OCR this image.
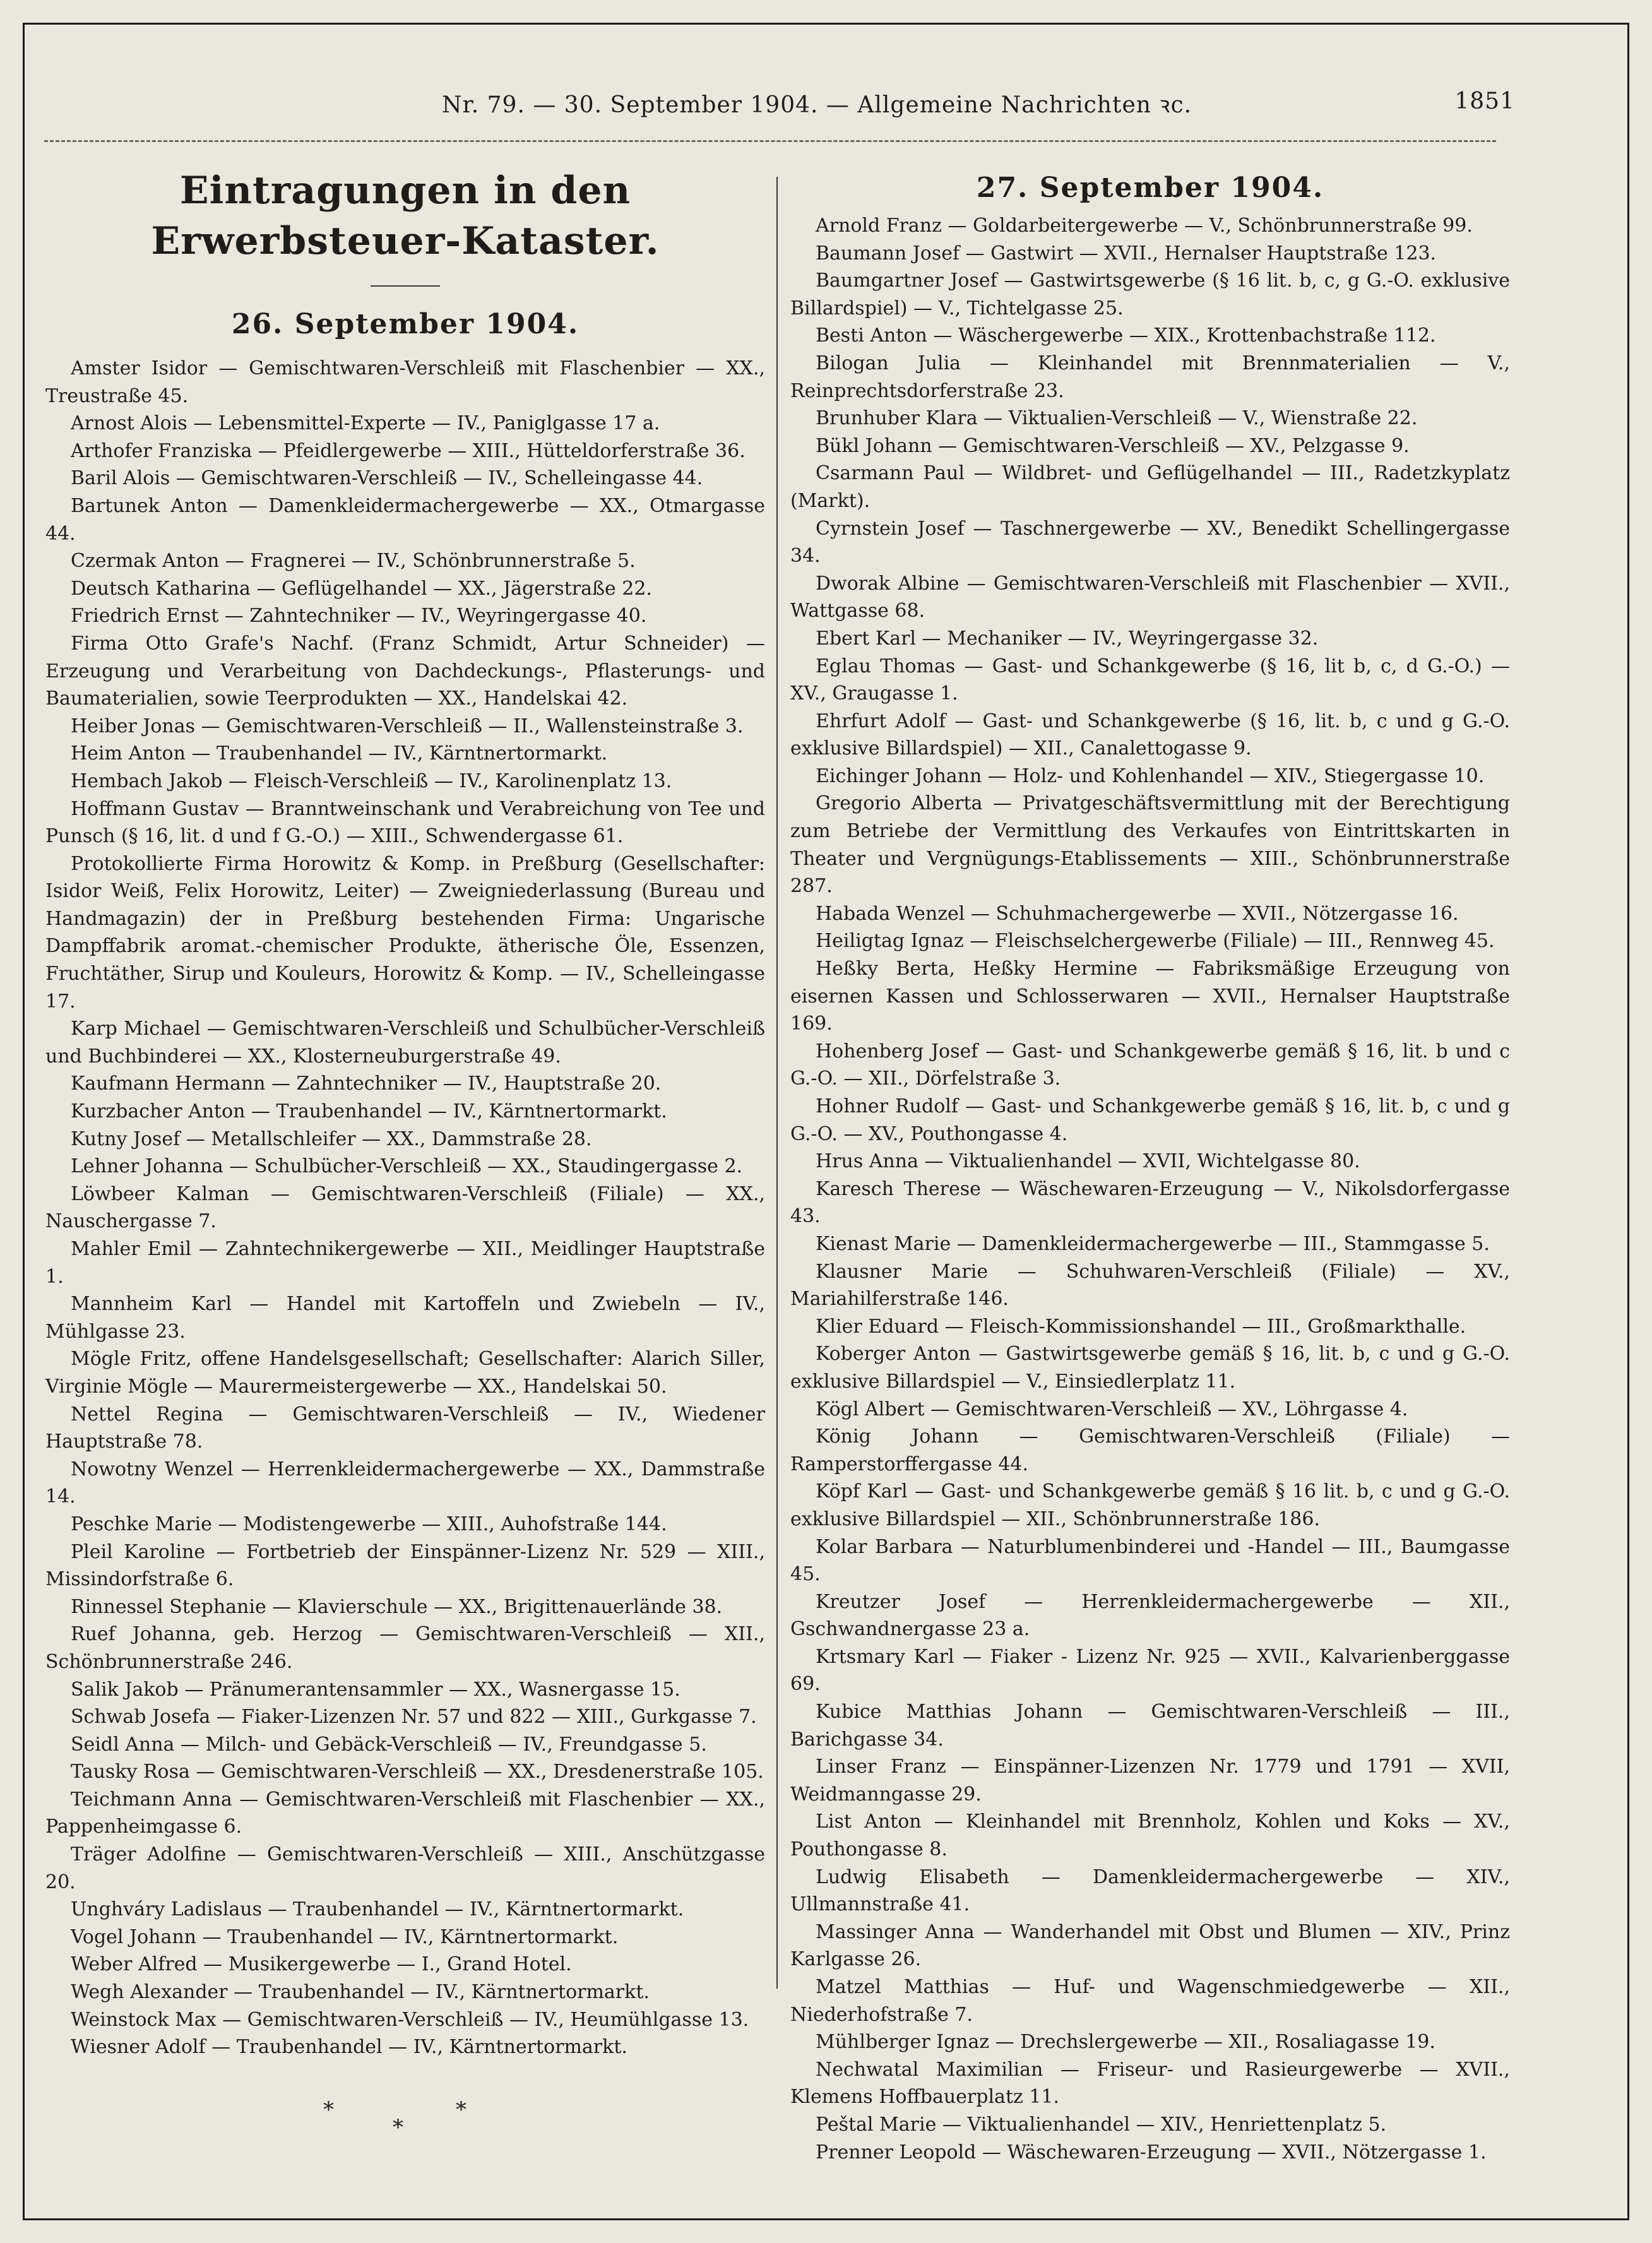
Nr. 79. — 30. September 1904. — Allgemeine Nachrichten ꝛc.	1851
Eintragungen in den Erwerbsteuer-Kataster.
26. September 1904.

Amster Isidor — Gemischtwaren-Verschleiß mit Flaschenbier — XX., Treustraße 45.

Arnost Alois — Lebensmittel-Experte — IV., Paniglgasse 17 a.

Arthofer Franziska — Pfeidlergewerbe — XIII., Hütteldorferstraße 36.

Baril Alois — Gemischtwaren-Verschleiß — IV., Schelleingasse 44.

Bartunek Anton — Damenkleidermachergewerbe — XX., Otmargasse 44.

Czermak Anton — Fragnerei — IV., Schönbrunnerstraße 5.

Deutsch Katharina — Geflügelhandel — XX., Jägerstraße 22.

Friedrich Ernst — Zahntechniker — IV., Weyringergasse 40.

Firma Otto Grafe's Nachf. (Franz Schmidt, Artur Schneider) — Erzeugung und Verarbeitung von Dachdeckungs-, Pflasterungs- und Baumaterialien, sowie Teerprodukten — XX., Handelskai 42.

Heiber Jonas — Gemischtwaren-Verschleiß — II., Wallensteinstraße 3.

Heim Anton — Traubenhandel — IV., Kärntnertormarkt.

Hembach Jakob — Fleisch-Verschleiß — IV., Karolinenplatz 13.

Hoffmann Gustav — Branntweinschank und Verabreichung von Tee und Punsch (§ 16, lit. d und f G.-O.) — XIII., Schwendergasse 61.

Protokollierte Firma Horowitz & Komp. in Preßburg (Gesellschafter: Isidor Weiß, Felix Horowitz, Leiter) — Zweigniederlassung (Bureau und Handmagazin) der in Preßburg bestehenden Firma: Ungarische Dampffabrik aromat.-chemischer Produkte, ätherische Öle, Essenzen, Fruchtäther, Sirup und Kouleurs, Horowitz & Komp. — IV., Schelleingasse 17.

Karp Michael — Gemischtwaren-Verschleiß und Schulbücher-Verschleiß und Buchbinderei — XX., Klosterneuburgerstraße 49.

Kaufmann Hermann — Zahntechniker — IV., Hauptstraße 20.

Kurzbacher Anton — Traubenhandel — IV., Kärntnertormarkt.

Kutny Josef — Metallschleifer — XX., Dammstraße 28.

Lehner Johanna — Schulbücher-Verschleiß — XX., Staudingergasse 2.

Löwbeer Kalman — Gemischtwaren-Verschleiß (Filiale) — XX., Nauschergasse 7.

Mahler Emil — Zahntechnikergewerbe — XII., Meidlinger Hauptstraße 1.

Mannheim Karl — Handel mit Kartoffeln und Zwiebeln — IV., Mühlgasse 23.

Mögle Fritz, offene Handelsgesellschaft; Gesellschafter: Alarich Siller, Virginie Mögle — Maurermeistergewerbe — XX., Handelskai 50.

Nettel Regina — Gemischtwaren-Verschleiß — IV., Wiedener Hauptstraße 78.

Nowotny Wenzel — Herrenkleidermachergewerbe — XX., Dammstraße 14.

Peschke Marie — Modistengewerbe — XIII., Auhofstraße 144.

Pleil Karoline — Fortbetrieb der Einspänner-Lizenz Nr. 529 — XIII., Missindorfstraße 6.

Rinnessel Stephanie — Klavierschule — XX., Brigittenauerlände 38.

Ruef Johanna, geb. Herzog — Gemischtwaren-Verschleiß — XII., Schönbrunnerstraße 246.

Salik Jakob — Pränumerantensammler — XX., Wasnergasse 15.

Schwab Josefa — Fiaker-Lizenzen Nr. 57 und 822 — XIII., Gurkgasse 7.

Seidl Anna — Milch- und Gebäck-Verschleiß — IV., Freundgasse 5.

Tausky Rosa — Gemischtwaren-Verschleiß — XX., Dresdenerstraße 105.

Teichmann Anna — Gemischtwaren-Verschleiß mit Flaschenbier — XX., Pappenheimgasse 6.

Träger Adolfine — Gemischtwaren-Verschleiß — XIII., Anschützgasse 20.

Unghváry Ladislaus — Traubenhandel — IV., Kärntnertormarkt.

Vogel Johann — Traubenhandel — IV., Kärntnertormarkt.

Weber Alfred — Musikergewerbe — I., Grand Hotel.

Wegh Alexander — Traubenhandel — IV., Kärntnertormarkt.

Weinstock Max — Gemischtwaren-Verschleiß — IV., Heumühlgasse 13.

Wiesner Adolf — Traubenhandel — IV., Kärntnertormarkt.

*
*
*
27. September 1904.

Arnold Franz — Goldarbeitergewerbe — V., Schönbrunnerstraße 99.

Baumann Josef — Gastwirt — XVII., Hernalser Hauptstraße 123.

Baumgartner Josef — Gastwirtsgewerbe (§ 16 lit. b, c, g G.-O. exklusive Billardspiel) — V., Tichtelgasse 25.

Besti Anton — Wäschergewerbe — XIX., Krottenbachstraße 112.

Bilogan Julia — Kleinhandel mit Brennmaterialien — V., Reinprechtsdorferstraße 23.

Brunhuber Klara — Viktualien-Verschleiß — V., Wienstraße 22.

Bükl Johann — Gemischtwaren-Verschleiß — XV., Pelzgasse 9.

Csarmann Paul — Wildbret- und Geflügelhandel — III., Radetzkyplatz (Markt).

Cyrnstein Josef — Taschnergewerbe — XV., Benedikt Schellingergasse 34.

Dworak Albine — Gemischtwaren-Verschleiß mit Flaschenbier — XVII., Wattgasse 68.

Ebert Karl — Mechaniker — IV., Weyringergasse 32.

Eglau Thomas — Gast- und Schankgewerbe (§ 16, lit b, c, d G.-O.) — XV., Graugasse 1.

Ehrfurt Adolf — Gast- und Schankgewerbe (§ 16, lit. b, c und g G.-O. exklusive Billardspiel) — XII., Canalettogasse 9.

Eichinger Johann — Holz- und Kohlenhandel — XIV., Stiegergasse 10.

Gregorio Alberta — Privatgeschäftsvermittlung mit der Berechtigung zum Betriebe der Vermittlung des Verkaufes von Eintrittskarten in Theater und Vergnügungs-Etablissements — XIII., Schönbrunnerstraße 287.

Habada Wenzel — Schuhmachergewerbe — XVII., Nötzergasse 16.

Heiligtag Ignaz — Fleischselchergewerbe (Filiale) — III., Rennweg 45.

Heßky Berta, Heßky Hermine — Fabriksmäßige Erzeugung von eisernen Kassen und Schlosserwaren — XVII., Hernalser Hauptstraße 169.

Hohenberg Josef — Gast- und Schankgewerbe gemäß § 16, lit. b und c G.-O. — XII., Dörfelstraße 3.

Hohner Rudolf — Gast- und Schankgewerbe gemäß § 16, lit. b, c und g G.-O. — XV., Pouthongasse 4.

Hrus Anna — Viktualienhandel — XVII, Wichtelgasse 80.

Karesch Therese — Wäschewaren-Erzeugung — V., Nikolsdorfergasse 43.

Kienast Marie — Damenkleidermachergewerbe — III., Stammgasse 5.

Klausner Marie — Schuhwaren-Verschleiß (Filiale) — XV., Mariahilferstraße 146.

Klier Eduard — Fleisch-Kommissionshandel — III., Großmarkthalle.

Koberger Anton — Gastwirtsgewerbe gemäß § 16, lit. b, c und g G.-O. exklusive Billardspiel — V., Einsiedlerplatz 11.

Kögl Albert — Gemischtwaren-Verschleiß — XV., Löhrgasse 4.

König Johann — Gemischtwaren-Verschleiß (Filiale) — Ramperstorffergasse 44.

Köpf Karl — Gast- und Schankgewerbe gemäß § 16 lit. b, c und g G.-O. exklusive Billardspiel — XII., Schönbrunnerstraße 186.

Kolar Barbara — Naturblumenbinderei und -Handel — III., Baumgasse 45.

Kreutzer Josef — Herrenkleidermachergewerbe — XII., Gschwandnergasse 23 a.

Krtsmary Karl — Fiaker - Lizenz Nr. 925 — XVII., Kalvarienberggasse 69.

Kubice Matthias Johann — Gemischtwaren-Verschleiß — III., Barichgasse 34.

Linser Franz — Einspänner-Lizenzen Nr. 1779 und 1791 — XVII, Weidmanngasse 29.

List Anton — Kleinhandel mit Brennholz, Kohlen und Koks — XV., Pouthongasse 8.

Ludwig Elisabeth — Damenkleidermachergewerbe — XIV., Ullmannstraße 41.

Massinger Anna — Wanderhandel mit Obst und Blumen — XIV., Prinz Karlgasse 26.

Matzel Matthias — Huf- und Wagenschmiedgewerbe — XII., Niederhofstraße 7.

Mühlberger Ignaz — Drechslergewerbe — XII., Rosaliagasse 19.

Nechwatal Maximilian — Friseur- und Rasieurgewerbe — XVII., Klemens Hoffbauerplatz 11.

Peštal Marie — Viktualienhandel — XIV., Henriettenplatz 5.

Prenner Leopold — Wäschewaren-Erzeugung — XVII., Nötzergasse 1.
